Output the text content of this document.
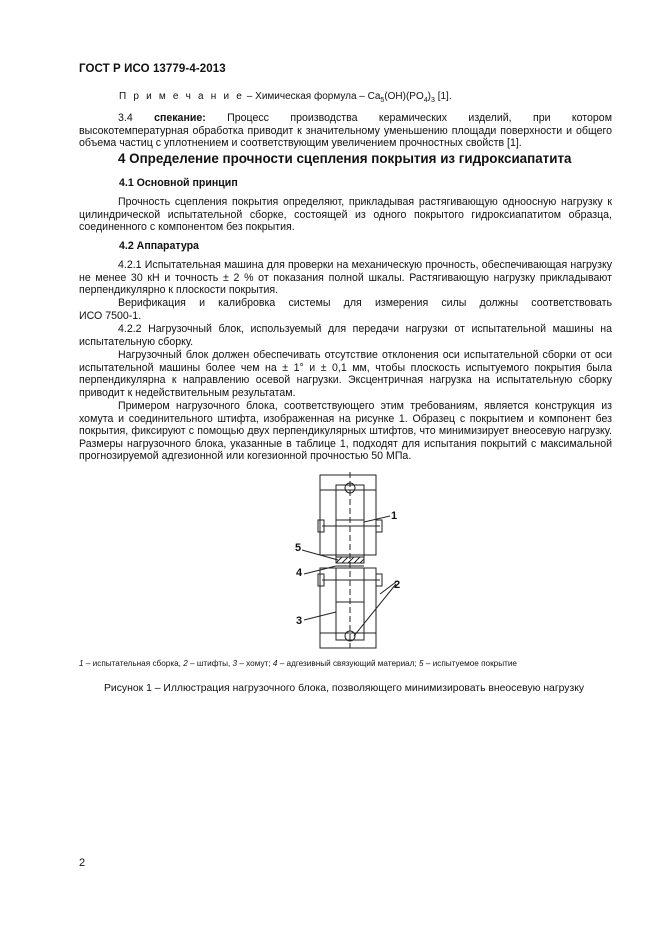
ГОСТ Р ИСО 13779-4-2013
П р и м е ч а н и е – Химическая формула – $Ca_5(OH)(PO_4)_3$ [1].
3.4 спекание: Процесс производства керамических изделий, при котором

высокотемпературная обработка приводит к значительному уменьшению площади поверхности и общего объема частиц с уплотнением и соответствующим увеличением прочностных свойств [1].

4 Определение прочности сцепления покрытия из гидроксиапатита
4.1 Основной принцип

Прочность сцепления покрытия определяют, прикладывая растягивающую одноосную нагрузку к цилиндрической испытательной сборке, состоящей из одного покрытого гидроксиапатитом образца, соединенного с компонентом без покрытия.

4.2 Аппаратура

4.2.1 Испытательная машина для проверки на механическую прочность, обеспечивающая нагрузку не менее 30 кН и точность ± 2 % от показания полной шкалы. Растягивающую нагрузку прикладывают перпендикулярно к плоскости покрытия.

Верификация и калибровка системы для измерения силы должны соответствовать

ИСО 7500-1.

4.2.2 Нагрузочный блок, используемый для передачи нагрузки от испытательной машины на испытательную сборку.

Нагрузочный блок должен обеспечивать отсутствие отклонения оси испытательной сборки от оси испытательной машины более чем на ± 1° и ± 0,1 мм, чтобы плоскость испытуемого покрытия была перпендикулярна к направлению осевой нагрузки. Эксцентричная нагрузка на испытательную сборку приводит к недействительным результатам.

Примером нагрузочного блока, соответствующего этим требованиям, является конструкция из хомута и соединительного штифта, изображенная на рисунке 1. Образец с покрытием и компонент без покрытия, фиксируют с помощью двух перпендикулярных штифтов, что минимизирует внеосевую нагрузку. Размеры нагрузочного блока, указанные в таблице 1, подходят для испытания покрытий с максимальной прогнозируемой адгезионной или когезионной прочностью 50 МПа.

1
2
3
4
5
1 – испытательная сборка, 2 – штифты, 3 – хомут; 4 – адгезивный связующий материал; 5 – испытуемое покрытие
Рисунок 1 – Иллюстрация нагрузочного блока, позволяющего минимизировать внеосевую нагрузку
2
